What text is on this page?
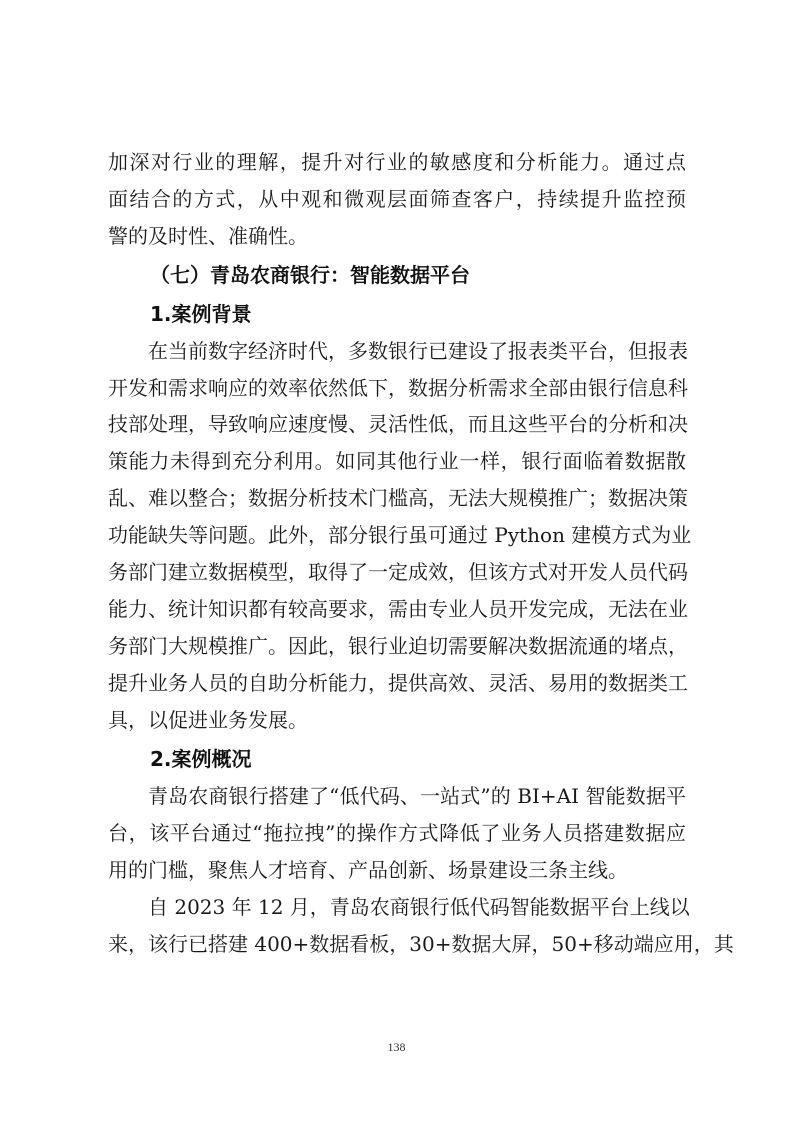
加深对行业的理解，提升对行业的敏感度和分析能力。通过点
面结合的方式，从中观和微观层面筛查客户，持续提升监控预
警的及时性、准确性。
（七）青岛农商银行：智能数据平台
1.案例背景
在当前数字经济时代，多数银行已建设了报表类平台，但报表
开发和需求响应的效率依然低下，数据分析需求全部由银行信息科
技部处理，导致响应速度慢、灵活性低，而且这些平台的分析和决
策能力未得到充分利用。如同其他行业一样，银行面临着数据散
乱、难以整合；数据分析技术门槛高，无法大规模推广；数据决策
功能缺失等问题。此外，部分银行虽可通过 Python 建模方式为业
务部门建立数据模型，取得了一定成效，但该方式对开发人员代码
能力、统计知识都有较高要求，需由专业人员开发完成，无法在业
务部门大规模推广。因此，银行业迫切需要解决数据流通的堵点，
提升业务人员的自助分析能力，提供高效、灵活、易用的数据类工
具，以促进业务发展。
2.案例概况
青岛农商银行搭建了“低代码、一站式”的 BI+AI 智能数据平
台，该平台通过“拖拉拽”的操作方式降低了业务人员搭建数据应
用的门槛，聚焦人才培育、产品创新、场景建设三条主线。
自 2023 年 12 月，青岛农商银行低代码智能数据平台上线以
来，该行已搭建 400+数据看板，30+数据大屏，50+移动端应用，其
138
